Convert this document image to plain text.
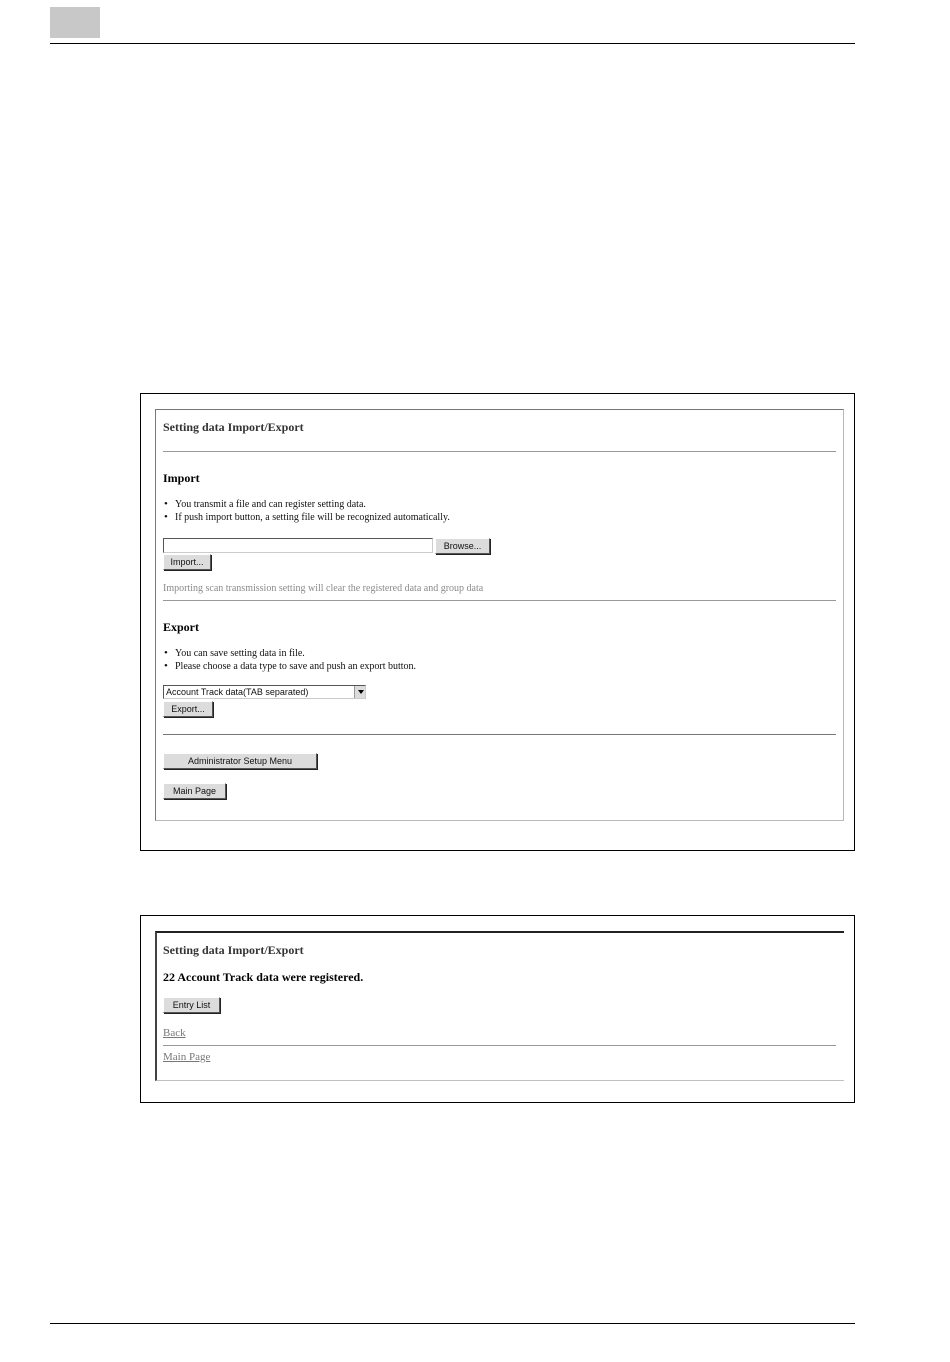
Setting data Import/Export
Import
• You transmit a file and can register setting data.
• If push import button, a setting file will be recognized automatically.
Browse...
Import...
Importing scan transmission setting will clear the registered data and group data
Export
• You can save setting data in file.
• Please choose a data type to save and push an export button.
Account Track data(TAB separated)
Export...
Administrator Setup Menu
Main Page
Setting data Import/Export
22 Account Track data were registered.
Entry List
Back
Main Page
